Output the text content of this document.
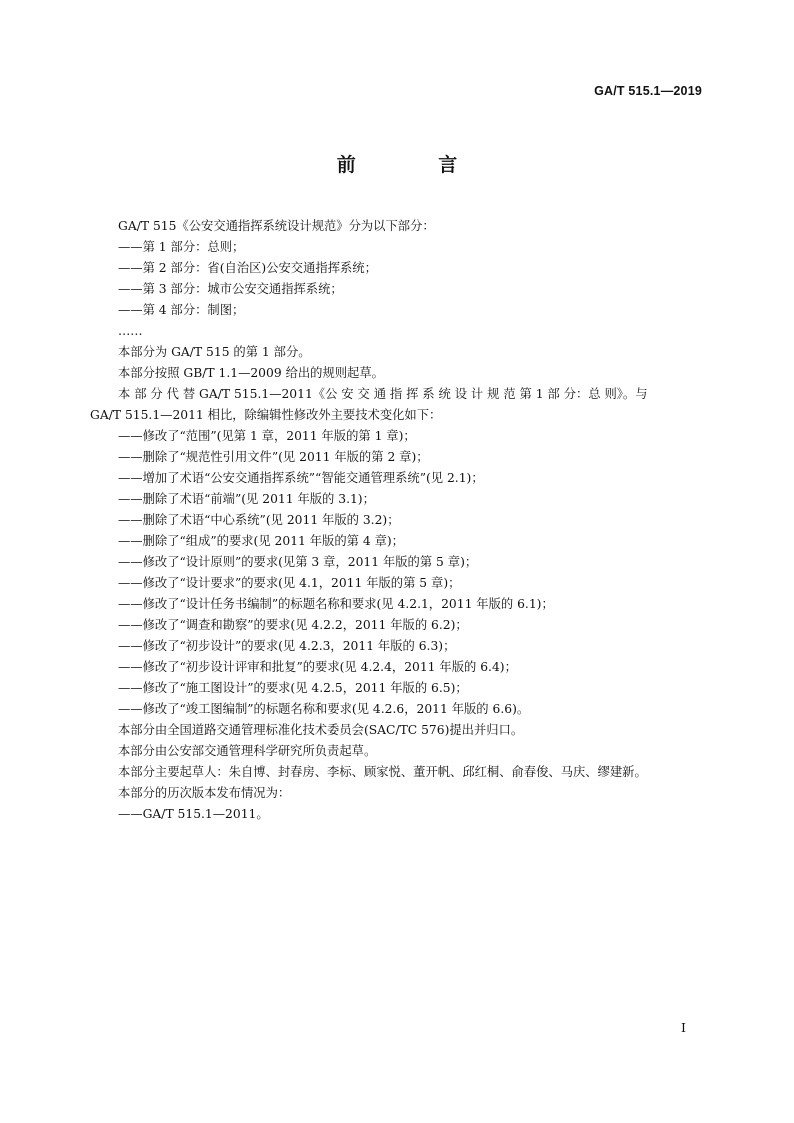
GA/T 515.1—2019
前 言

GA/T 515《公安交通指挥系统设计规范》分为以下部分：

——第 1 部分：总则；

——第 2 部分：省(自治区)公安交通指挥系统；

——第 3 部分：城市公安交通指挥系统；

——第 4 部分：制图；

……

本部分为 GA/T 515 的第 1 部分。

本部分按照 GB/T 1.1—2009 给出的规则起草。

本 部 分 代 替 GA/T 515.1—2011《公 安 交 通 指 挥 系 统 设 计 规 范 第 1 部 分：总 则》。与

GA/T 515.1—2011 相比，除编辑性修改外主要技术变化如下：

——修改了“范围”(见第 1 章，2011 年版的第 1 章)；

——删除了“规范性引用文件”(见 2011 年版的第 2 章)；

——增加了术语“公安交通指挥系统”“智能交通管理系统”(见 2.1)；

——删除了术语“前端”(见 2011 年版的 3.1)；

——删除了术语“中心系统”(见 2011 年版的 3.2)；

——删除了“组成”的要求(见 2011 年版的第 4 章)；

——修改了“设计原则”的要求(见第 3 章，2011 年版的第 5 章)；

——修改了“设计要求”的要求(见 4.1，2011 年版的第 5 章)；

——修改了“设计任务书编制”的标题名称和要求(见 4.2.1，2011 年版的 6.1)；

——修改了“调查和勘察”的要求(见 4.2.2，2011 年版的 6.2)；

——修改了“初步设计”的要求(见 4.2.3，2011 年版的 6.3)；

——修改了“初步设计评审和批复”的要求(见 4.2.4，2011 年版的 6.4)；

——修改了“施工图设计”的要求(见 4.2.5，2011 年版的 6.5)；

——修改了“竣工图编制”的标题名称和要求(见 4.2.6，2011 年版的 6.6)。

本部分由全国道路交通管理标准化技术委员会(SAC/TC 576)提出并归口。

本部分由公安部交通管理科学研究所负责起草。

本部分主要起草人：朱自博、封春房、李标、顾家悦、董开帆、邱红桐、俞春俊、马庆、缪建新。

本部分的历次版本发布情况为：

——GA/T 515.1—2011。

I
